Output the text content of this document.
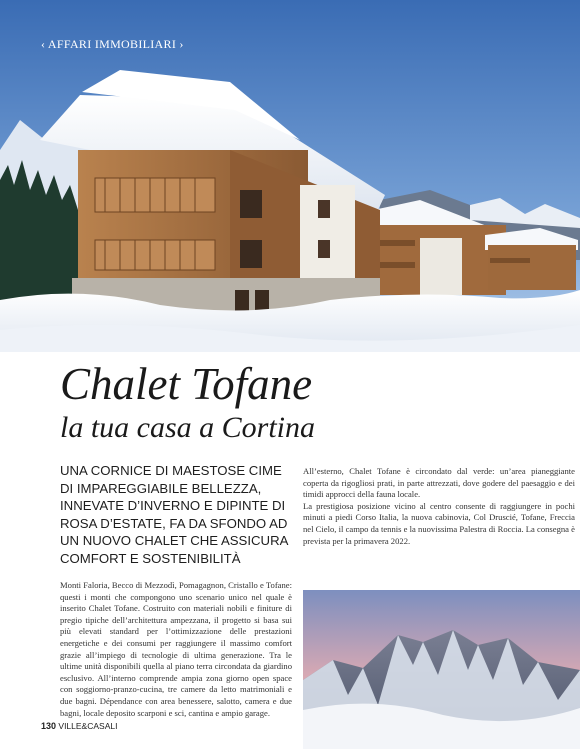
‹ AFFARI IMMOBILIARI ›
Chalet Tofane
la tua casa a Cortina

UNA CORNICE DI MAESTOSE CIME DI IMPAREGGIABILE BELLEZZA, INNEVATE D’INVERNO E DIPINTE DI ROSA D’ESTATE, FA DA SFONDO AD UN NUOVO CHALET CHE ASSICURA COMFORT E SOSTENIBILITÀ

Monti Faloria, Becco di Mezzodì, Pomagagnon, Cristallo e Tofane: questi i monti che compongono uno scenario unico nel quale è inserito Chalet Tofane. Costruito con materiali nobili e finiture di pregio tipiche dell’architettura ampezzana, il progetto si basa sui più elevati standard per l’ottimizzazione delle prestazioni energetiche e dei consumi per raggiungere il massimo comfort grazie all’impiego di tecnologie di ultima generazione. Tra le ultime unità disponibili quella al piano terra circondata da giardino esclusivo. All’interno comprende ampia zona giorno open space con soggiorno-pranzo-cucina, tre camere da letto matrimoniali e due bagni. Dépendance con area benessere, salotto, camera e due bagni, locale deposito scarponi e sci, cantina e ampio garage.

All’esterno, Chalet Tofane è circondato dal verde: un’area pianeggiante coperta da rigogliosi prati, in parte attrezzati, dove godere del paesaggio e dei timidi approcci della fauna locale.

La prestigiosa posizione vicino al centro consente di raggiungere in pochi minuti a piedi Corso Italia, la nuova cabinovia, Col Druscié, Tofane, Freccia nel Cielo, il campo da tennis e la nuovissima Palestra di Roccia. La consegna è prevista per la primavera 2022.

130 VILLE&CASALI
